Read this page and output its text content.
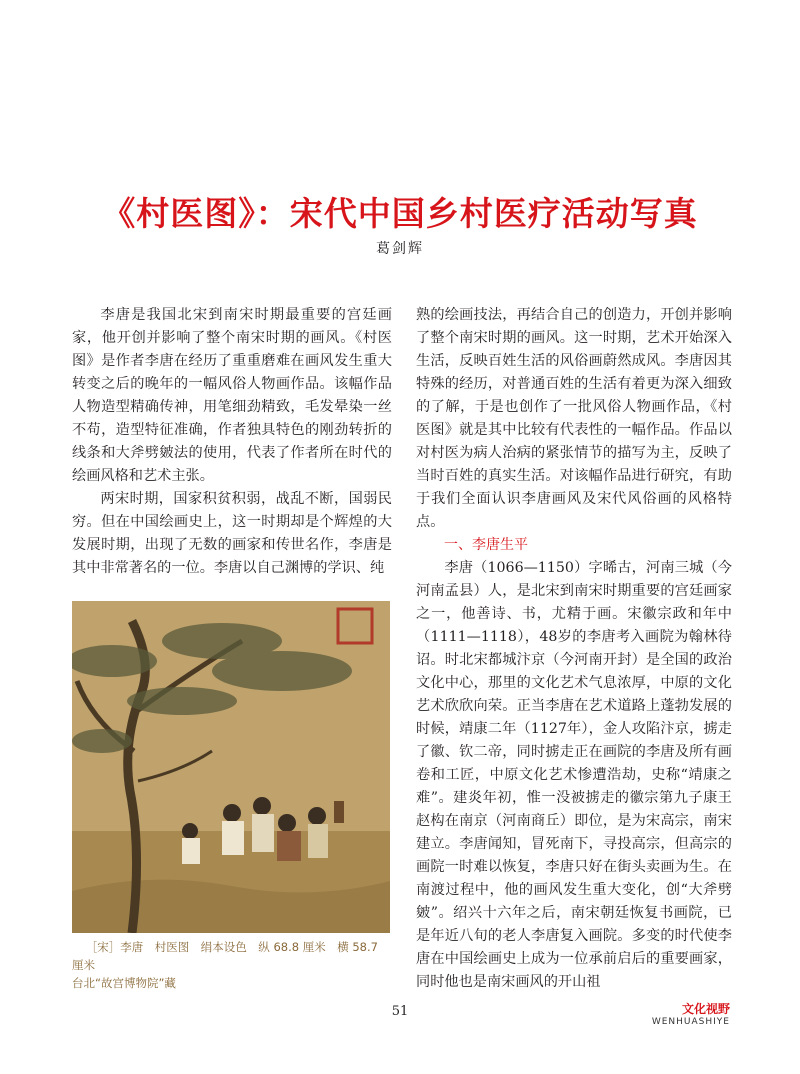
《村医图》：宋代中国乡村医疗活动写真
葛剑辉

李唐是我国北宋到南宋时期最重要的宫廷画家，他开创并影响了整个南宋时期的画风。《村医图》是作者李唐在经历了重重磨难在画风发生重大转变之后的晚年的一幅风俗人物画作品。该幅作品人物造型精确传神，用笔细劲精致，毛发晕染一丝不苟，造型特征准确，作者独具特色的刚劲转折的线条和大斧劈皴法的使用，代表了作者所在时代的绘画风格和艺术主张。

两宋时期，国家积贫积弱，战乱不断，国弱民穷。但在中国绘画史上，这一时期却是个辉煌的大发展时期，出现了无数的画家和传世名作，李唐是其中非常著名的一位。李唐以自己渊博的学识、纯

［宋］李唐　村医图　绢本设色　纵 68.8 厘米　横 58.7 厘米
台北“故宫博物院”藏

熟的绘画技法，再结合自己的创造力，开创并影响了整个南宋时期的画风。这一时期，艺术开始深入生活，反映百姓生活的风俗画蔚然成风。李唐因其特殊的经历，对普通百姓的生活有着更为深入细致的了解，于是也创作了一批风俗人物画作品，《村医图》就是其中比较有代表性的一幅作品。作品以对村医为病人治病的紧张情节的描写为主，反映了当时百姓的真实生活。对该幅作品进行研究，有助于我们全面认识李唐画风及宋代风俗画的风格特点。

一、李唐生平

李唐（1066—1150）字晞古，河南三城（今河南孟县）人，是北宋到南宋时期重要的宫廷画家之一，他善诗、书，尤精于画。宋徽宗政和年中（1111—1118），48岁的李唐考入画院为翰林待诏。时北宋都城汴京（今河南开封）是全国的政治文化中心，那里的文化艺术气息浓厚，中原的文化艺术欣欣向荣。正当李唐在艺术道路上蓬勃发展的时候，靖康二年（1127年），金人攻陷汴京，掳走了徽、钦二帝，同时掳走正在画院的李唐及所有画卷和工匠，中原文化艺术惨遭浩劫，史称“靖康之难”。建炎年初，惟一没被掳走的徽宗第九子康王赵构在南京（河南商丘）即位，是为宋高宗，南宋建立。李唐闻知，冒死南下，寻投高宗，但高宗的画院一时难以恢复，李唐只好在街头卖画为生。在南渡过程中，他的画风发生重大变化，创“大斧劈皴”。绍兴十六年之后，南宋朝廷恢复书画院，已是年近八旬的老人李唐复入画院。多变的时代使李唐在中国绘画史上成为一位承前启后的重要画家，同时他也是南宋画风的开山祖

51	文化视野
WENHUASHIYE
